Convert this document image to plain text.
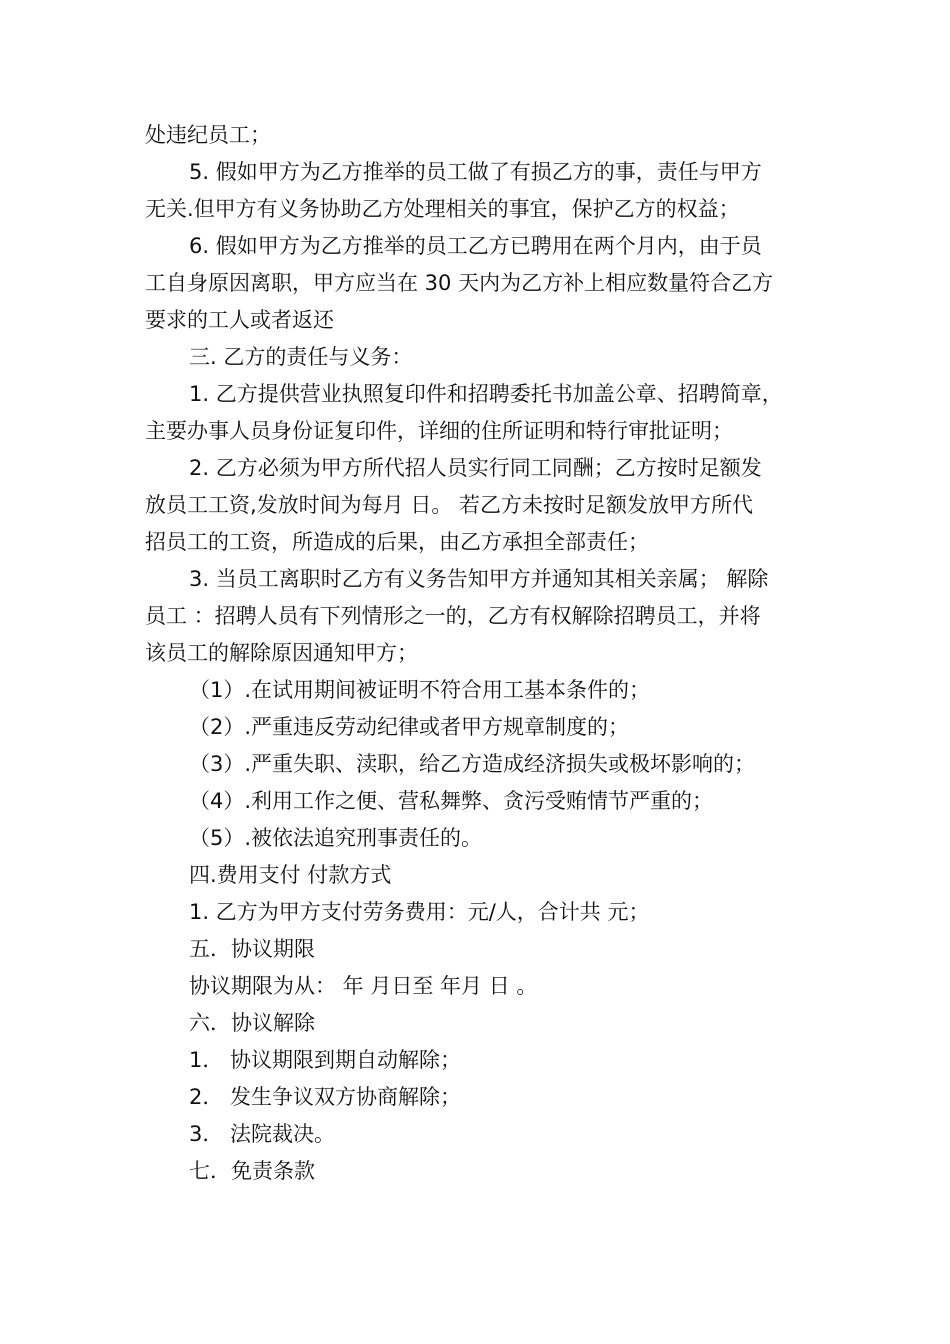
处违纪员工；
5. 假如甲方为乙方推举的员工做了有损乙方的事，责任与甲方
无关.但甲方有义务协助乙方处理相关的事宜，保护乙方的权益；
6. 假如甲方为乙方推举的员工乙方已聘用在两个月内，由于员
工自身原因离职，甲方应当在 30 天内为乙方补上相应数量符合乙方
要求的工人或者返还
三. 乙方的责任与义务：
1. 乙方提供营业执照复印件和招聘委托书加盖公章、招聘简章，
主要办事人员身份证复印件，详细的住所证明和特行审批证明；
2. 乙方必须为甲方所代招人员实行同工同酬；乙方按时足额发
放员工工资,发放时间为每月 日。 若乙方未按时足额发放甲方所代
招员工的工资，所造成的后果，由乙方承担全部责任；
3. 当员工离职时乙方有义务告知甲方并通知其相关亲属； 解除
员工 ：招聘人员有下列情形之一的，乙方有权解除招聘员工，并将
该员工的解除原因通知甲方；
（1）.在试用期间被证明不符合用工基本条件的；
（2）.严重违反劳动纪律或者甲方规章制度的；
（3）.严重失职、渎职，给乙方造成经济损失或极坏影响的；
（4）.利用工作之便、营私舞弊、贪污受贿情节严重的；
（5）.被依法追究刑事责任的。
四.费用支付 付款方式
1. 乙方为甲方支付劳务费用：元/人，合计共 元；
五．协议期限
协议期限为从： 年 月日至 年月 日 。
六．协议解除
1． 协议期限到期自动解除；
2． 发生争议双方协商解除；
3． 法院裁决。
七．免责条款
